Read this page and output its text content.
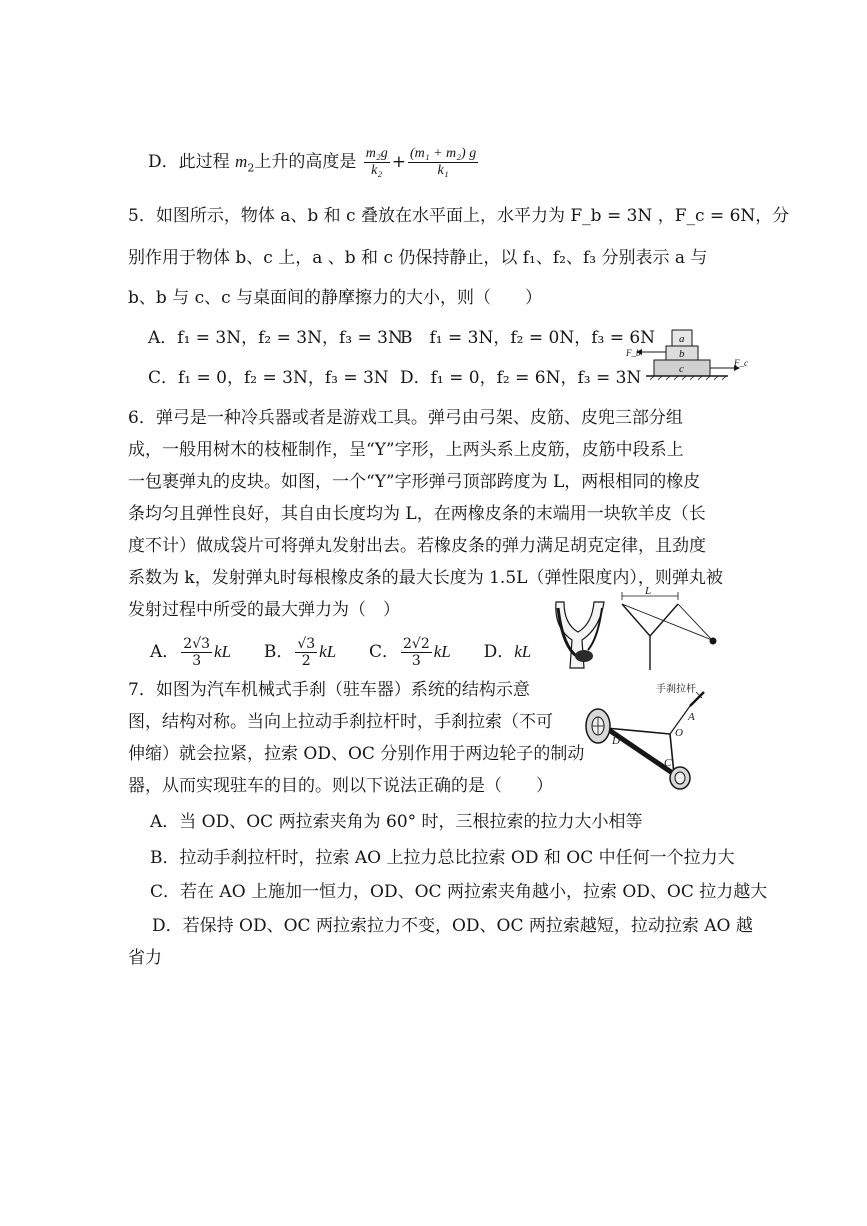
D．此过程 $m_2$上升的高度是 $\frac{\text{m₂g}}{\text{k₂}} + \frac{\text{(m₁ + m₂) g}}{\text{k₁}}$
5．如图所示，物体 a、b 和 c 叠放在水平面上，水平力为 F_b = 3N ，F_c = 6N，分
别作用于物体 b、c 上，a 、b 和 c 仍保持静止，以 f₁、f₂、f₃ 分别表示 a 与
b、b 与 c、c 与桌面间的静摩擦力的大小，则（　　）
A．f₁ = 3N，f₂ = 3N，f₃ = 3N
B　f₁ = 3N，f₂ = 0N，f₃ = 6N
C．f₁ = 0，f₂ = 3N，f₃ = 3N D．f₁ = 0，f₂ = 6N，f₃ = 3N
a
b
c
F_b
F_c
6．弹弓是一种冷兵器或者是游戏工具。弹弓由弓架、皮筋、皮兜三部分组
成，一般用树木的枝桠制作，呈“Y”字形，上两头系上皮筋，皮筋中段系上
一包裹弹丸的皮块。如图，一个“Y”字形弹弓顶部跨度为 L，两根相同的橡皮
条均匀且弹性良好，其自由长度均为 L，在两橡皮条的末端用一块软羊皮（长
度不计）做成袋片可将弹丸发射出去。若橡皮条的弹力满足胡克定律，且劲度
系数为 k，发射弹丸时每根橡皮条的最大长度为 1.5L（弹性限度内），则弹丸被
发射过程中所受的最大弹力为（　）
A． $\frac{2√3}{3}$ kL B． $\frac{√3}{2}$ kL C． $\frac{2√2}{3}$ kL D．kL
L
7．如图为汽车机械式手刹（驻车器）系统的结构示意
图，结构对称。当向上拉动手刹拉杆时，手刹拉索（不可
伸缩）就会拉紧，拉索 OD、OC 分别作用于两边轮子的制动
器，从而实现驻车的目的。则以下说法正确的是（　　）
A．当 OD、OC 两拉索夹角为 60° 时，三根拉索的拉力大小相等
B．拉动手刹拉杆时，拉索 AO 上拉力总比拉索 OD 和 OC 中任何一个拉力大
C．若在 AO 上施加一恒力，OD、OC 两拉索夹角越小，拉索 OD、OC 拉力越大
D．若保持 OD、OC 两拉索拉力不变，OD、OC 两拉索越短，拉动拉索 AO 越
省力
手刹拉杆
A
O
D
C
